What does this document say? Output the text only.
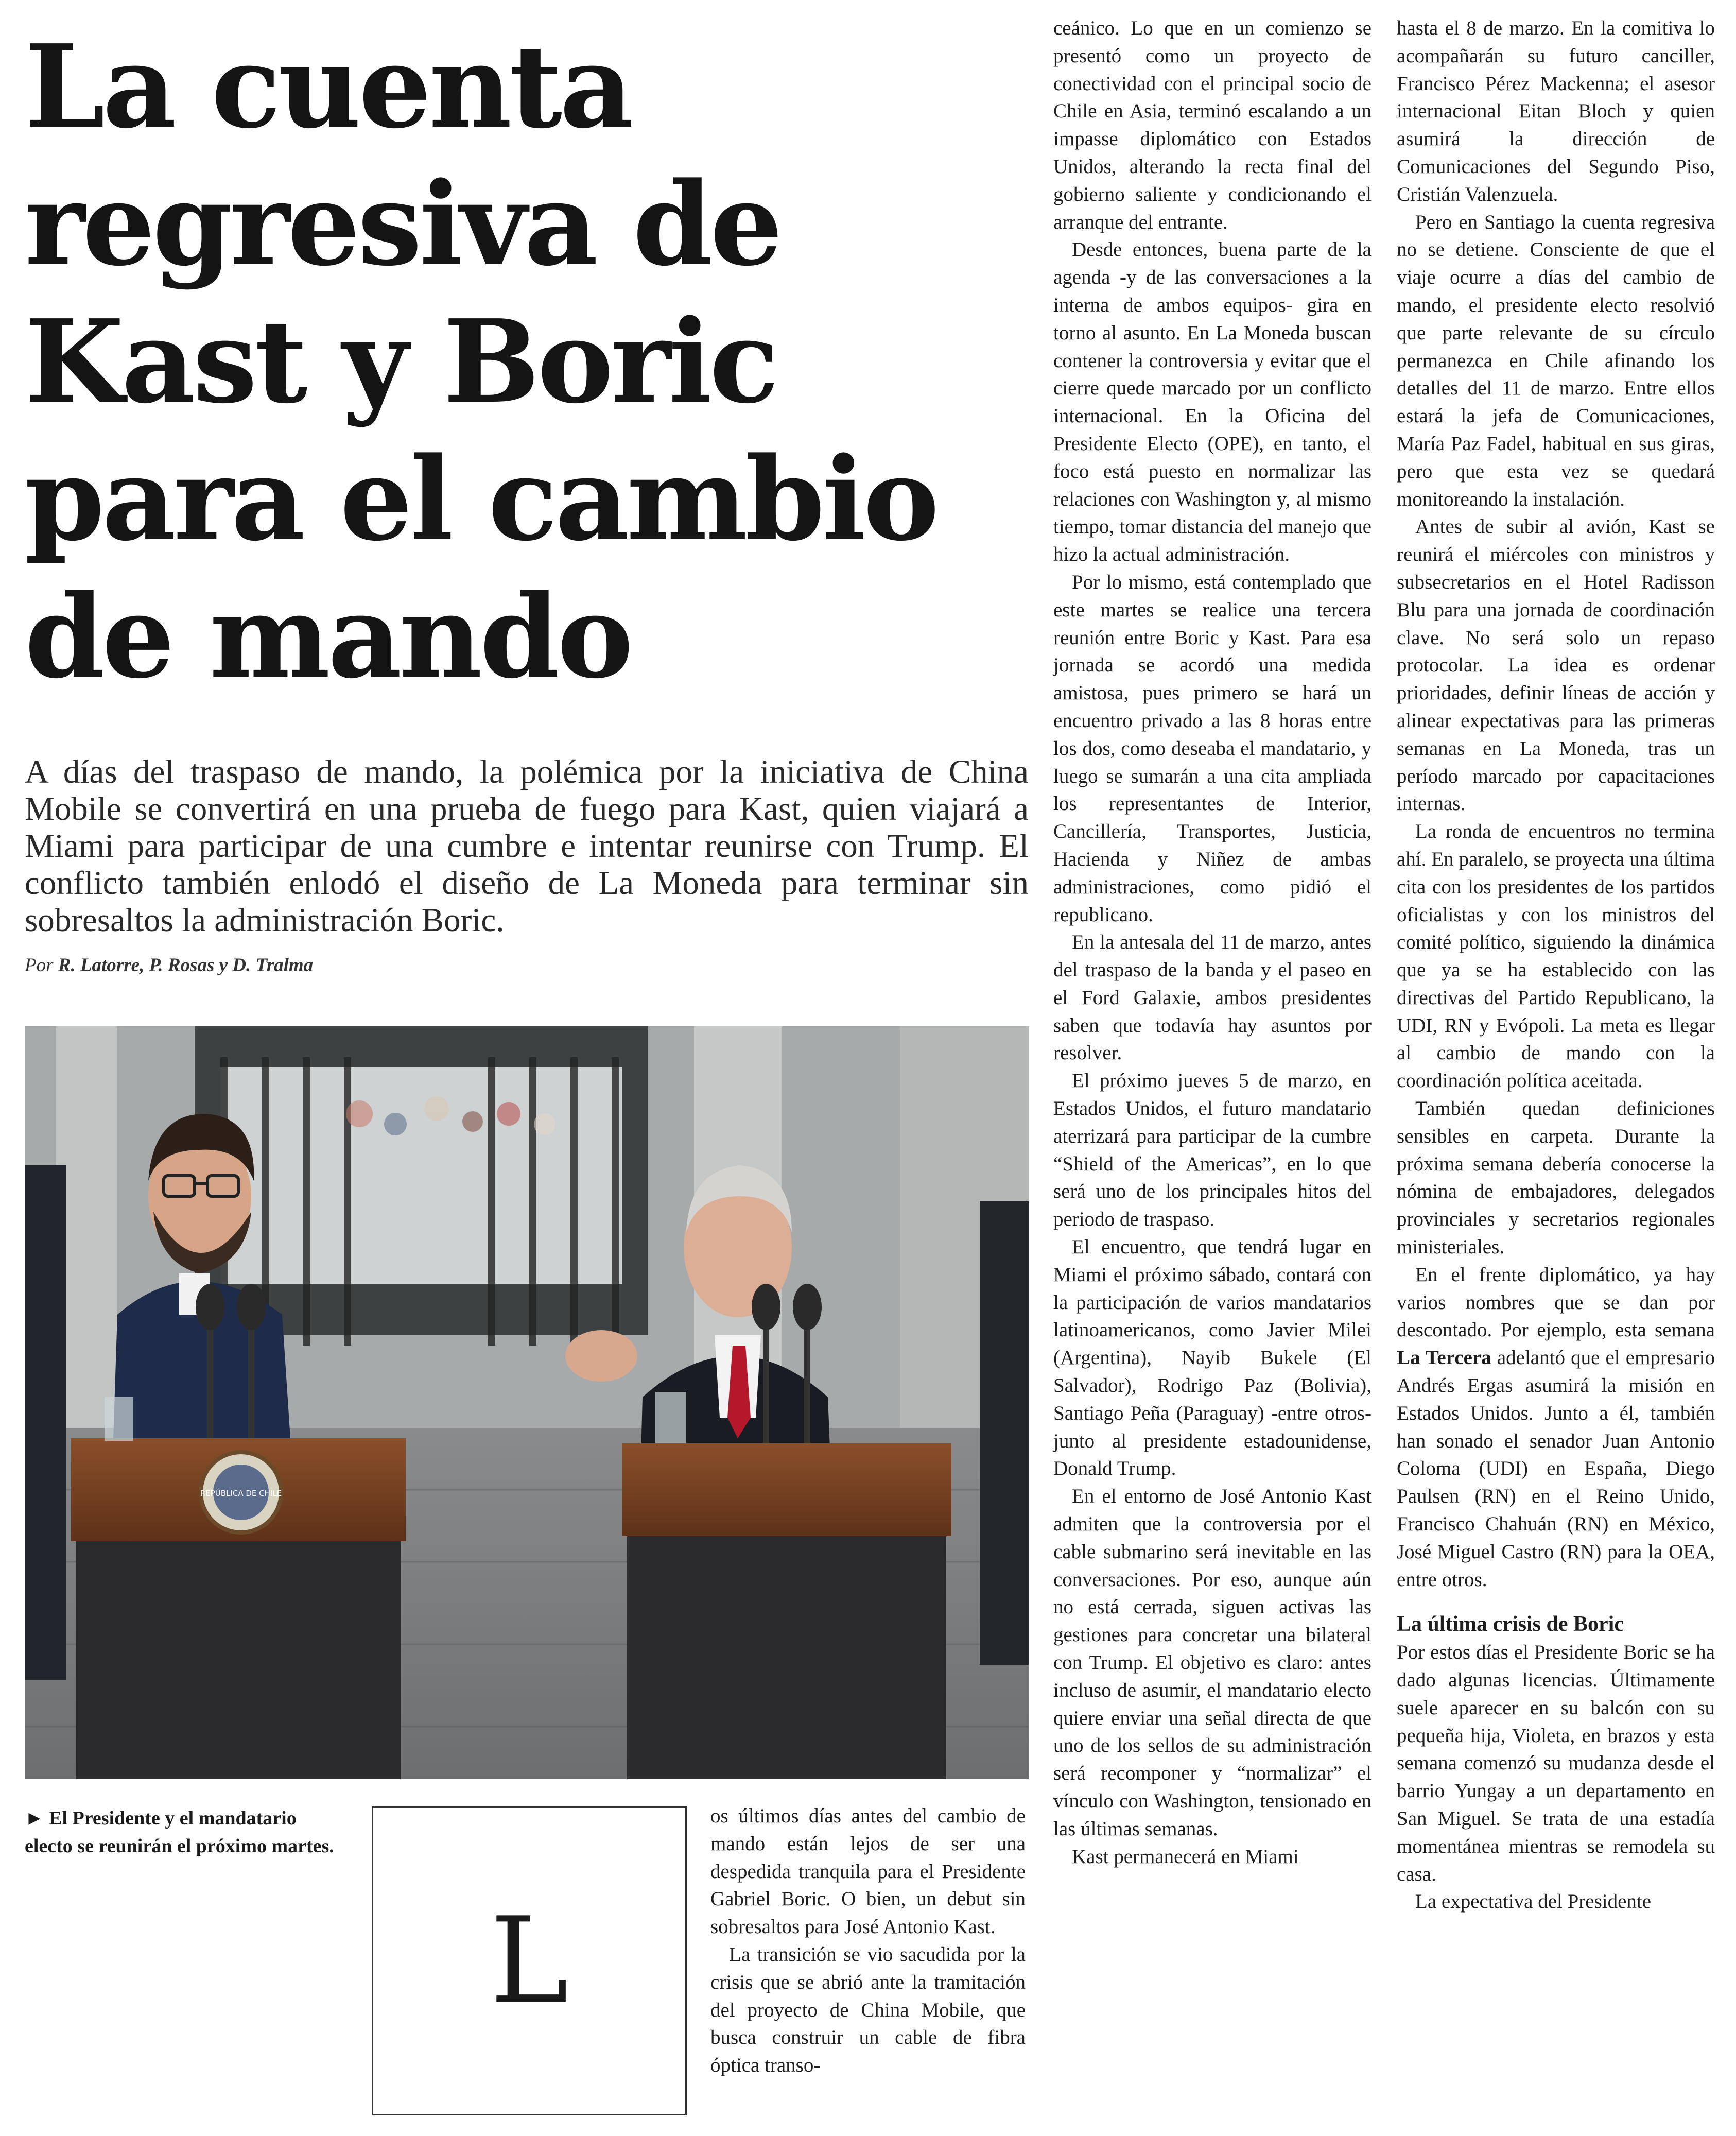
La cuenta
regresiva de
Kast y Boric
para el cambio
de mando

A días del traspaso de mando, la polémica por la iniciativa de China Mobile se convertirá en una prueba de fuego para Kast, quien viajará a Miami para participar de una cumbre e intentar reunirse con Trump. El conflicto también enlodó el diseño de La Moneda para terminar sin sobresaltos la administración Boric.

Por R. Latorre, P. Rosas y D. Tralma

REPÚBLICA DE CHILE

► El Presidente y el mandatario electo se reunirán el próximo martes.

L

os últimos días antes del cambio de mando están lejos de ser una despedida tranquila para el Presidente Gabriel Boric. O bien, un debut sin sobresaltos para José Antonio Kast.

La transición se vio sacudida por la crisis que se abrió ante la tramitación del proyecto de China Mobile, que busca construir un cable de fibra óptica transo-

ceánico. Lo que en un comienzo se presentó como un proyecto de conectividad con el principal socio de Chile en Asia, terminó escalando a un impasse diplomático con Estados Unidos, alterando la recta final del gobierno saliente y condicionando el arranque del entrante.

Desde entonces, buena parte de la agenda -y de las conversaciones a la interna de ambos equipos- gira en torno al asunto. En La Moneda buscan contener la controversia y evitar que el cierre quede marcado por un conflicto internacional. En la Oficina del Presidente Electo (OPE), en tanto, el foco está puesto en normalizar las relaciones con Washington y, al mismo tiempo, tomar distancia del manejo que hizo la actual administración.

Por lo mismo, está contemplado que este martes se realice una tercera reunión entre Boric y Kast. Para esa jornada se acordó una medida amistosa, pues primero se hará un encuentro privado a las 8 horas entre los dos, como deseaba el mandatario, y luego se sumarán a una cita ampliada los representantes de Interior, Cancillería, Transportes, Justicia, Hacienda y Niñez de ambas administraciones, como pidió el republicano.

En la antesala del 11 de marzo, antes del traspaso de la banda y el paseo en el Ford Galaxie, ambos presidentes saben que todavía hay asuntos por resolver.

El próximo jueves 5 de marzo, en Estados Unidos, el futuro mandatario aterrizará para participar de la cumbre “Shield of the Americas”, en lo que será uno de los principales hitos del periodo de traspaso.

El encuentro, que tendrá lugar en Miami el próximo sábado, contará con la participación de varios mandatarios latinoamericanos, como Javier Milei (Argentina), Nayib Bukele (El Salvador), Rodrigo Paz (Bolivia), Santiago Peña (Paraguay) -entre otros- junto al presidente estadounidense, Donald Trump.

En el entorno de José Antonio Kast admiten que la controversia por el cable submarino será inevitable en las conversaciones. Por eso, aunque aún no está cerrada, siguen activas las gestiones para concretar una bilateral con Trump. El objetivo es claro: antes incluso de asumir, el mandatario electo quiere enviar una señal directa de que uno de los sellos de su administración será recomponer y “normalizar” el vínculo con Washington, tensionado en las últimas semanas.

Kast permanecerá en Miami

hasta el 8 de marzo. En la comitiva lo acompañarán su futuro canciller, Francisco Pérez Mackenna; el asesor internacional Eitan Bloch y quien asumirá la dirección de Comunicaciones del Segundo Piso, Cristián Valenzuela.

Pero en Santiago la cuenta regresiva no se detiene. Consciente de que el viaje ocurre a días del cambio de mando, el presidente electo resolvió que parte relevante de su círculo permanezca en Chile afinando los detalles del 11 de marzo. Entre ellos estará la jefa de Comunicaciones, María Paz Fadel, habitual en sus giras, pero que esta vez se quedará monitoreando la instalación.

Antes de subir al avión, Kast se reunirá el miércoles con ministros y subsecretarios en el Hotel Radisson Blu para una jornada de coordinación clave. No será solo un repaso protocolar. La idea es ordenar prioridades, definir líneas de acción y alinear expectativas para las primeras semanas en La Moneda, tras un período marcado por capacitaciones internas.

La ronda de encuentros no termina ahí. En paralelo, se proyecta una última cita con los presidentes de los partidos oficialistas y con los ministros del comité político, siguiendo la dinámica que ya se ha establecido con las directivas del Partido Republicano, la UDI, RN y Evópoli. La meta es llegar al cambio de mando con la coordinación política aceitada.

También quedan definiciones sensibles en carpeta. Durante la próxima semana debería conocerse la nómina de embajadores, delegados provinciales y secretarios regionales ministeriales.

En el frente diplomático, ya hay varios nombres que se dan por descontado. Por ejemplo, esta semana La Tercera adelantó que el empresario Andrés Ergas asumirá la misión en Estados Unidos. Junto a él, también han sonado el senador Juan Antonio Coloma (UDI) en España, Diego Paulsen (RN) en el Reino Unido, Francisco Chahuán (RN) en México, José Miguel Castro (RN) para la OEA, entre otros.

La última crisis de Boric

Por estos días el Presidente Boric se ha dado algunas licencias. Últimamente suele aparecer en su balcón con su pequeña hija, Violeta, en brazos y esta semana comenzó su mudanza desde el barrio Yungay a un departamento en San Miguel. Se trata de una estadía momentánea mientras se remodela su casa.

La expectativa del Presidente
